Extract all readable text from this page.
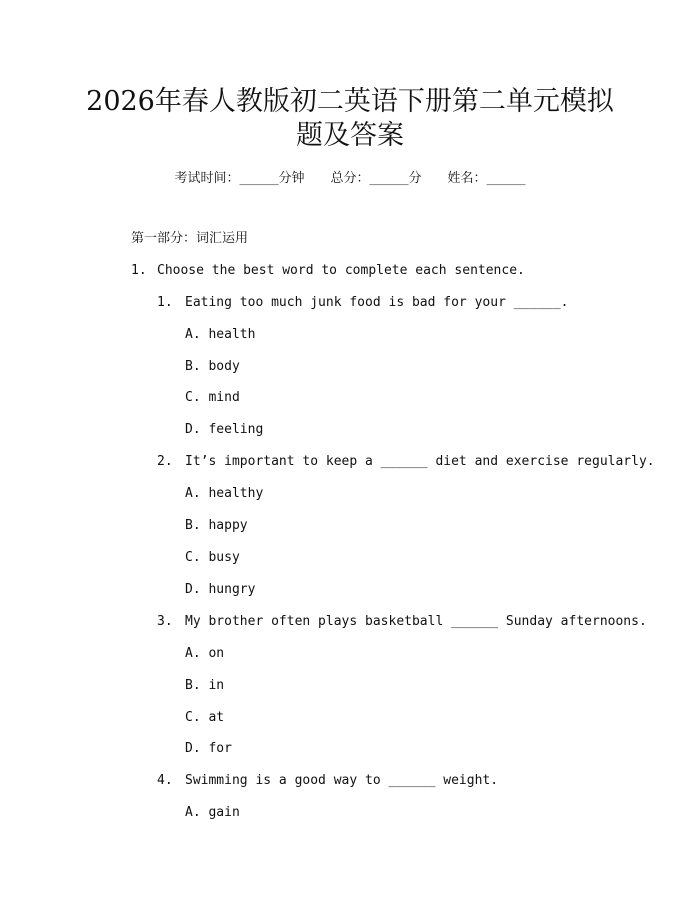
2026年春人教版初二英语下册第二单元模拟
题及答案
考试时间：______分钟 总分：______分 姓名：______
第一部分：词汇运用
1. Choose the best word to complete each sentence.
1. Eating too much junk food is bad for your ______.
A. health
B. body
C. mind
D. feeling
2. It’s important to keep a ______ diet and exercise regularly.
A. healthy
B. happy
C. busy
D. hungry
3. My brother often plays basketball ______ Sunday afternoons.
A. on
B. in
C. at
D. for
4. Swimming is a good way to ______ weight.
A. gain
